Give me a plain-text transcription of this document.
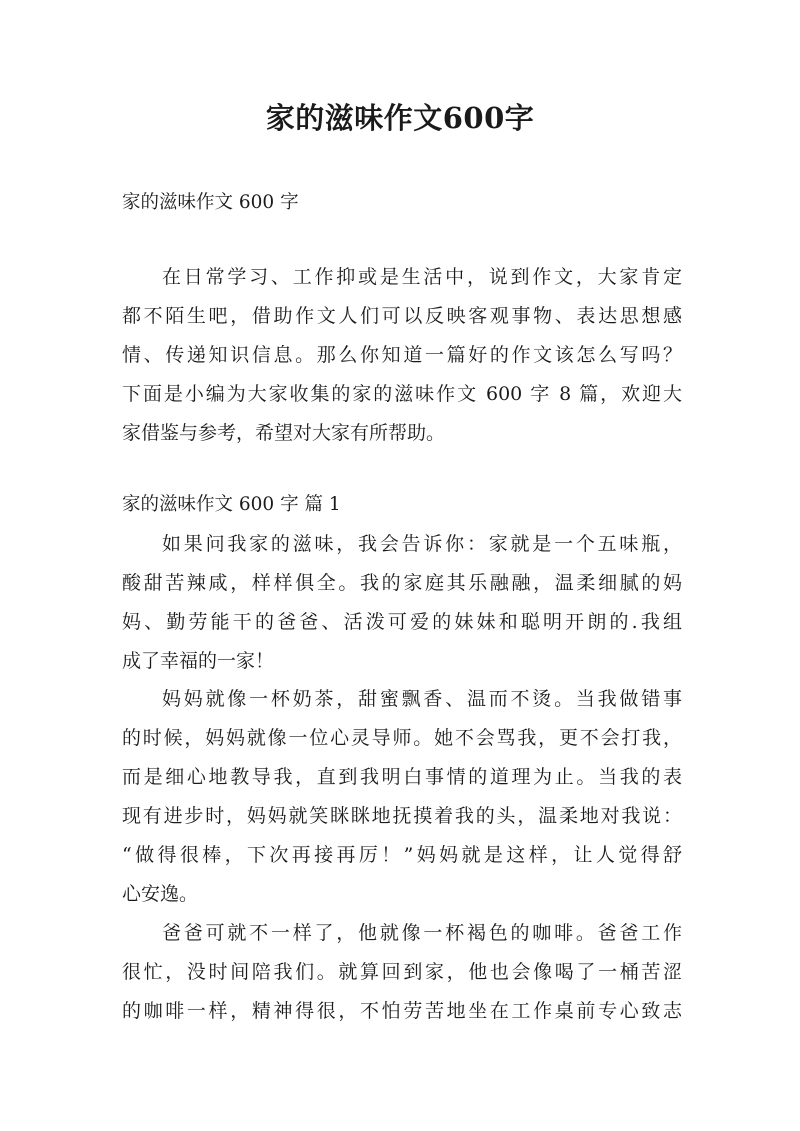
家的滋味作文600字

家的滋味作文 600 字

在日常学习、工作抑或是生活中，说到作文，大家肯定

都不陌生吧，借助作文人们可以反映客观事物、表达思想感

情、传递知识信息。那么你知道一篇好的作文该怎么写吗？

下面是小编为大家收集的家的滋味作文 600 字 8 篇，欢迎大

家借鉴与参考，希望对大家有所帮助。

家的滋味作文 600 字 篇 1

如果问我家的滋味，我会告诉你：家就是一个五味瓶，

酸甜苦辣咸，样样俱全。我的家庭其乐融融，温柔细腻的妈

妈、勤劳能干的爸爸、活泼可爱的妹妹和聪明开朗的.我组

成了幸福的一家！

妈妈就像一杯奶茶，甜蜜飘香、温而不烫。当我做错事

的时候，妈妈就像一位心灵导师。她不会骂我，更不会打我，

而是细心地教导我，直到我明白事情的道理为止。当我的表

现有进步时，妈妈就笑眯眯地抚摸着我的头，温柔地对我说：

“做得很棒，下次再接再厉！”妈妈就是这样，让人觉得舒

心安逸。

爸爸可就不一样了，他就像一杯褐色的咖啡。爸爸工作

很忙，没时间陪我们。就算回到家，他也会像喝了一桶苦涩

的咖啡一样，精神得很，不怕劳苦地坐在工作桌前专心致志
